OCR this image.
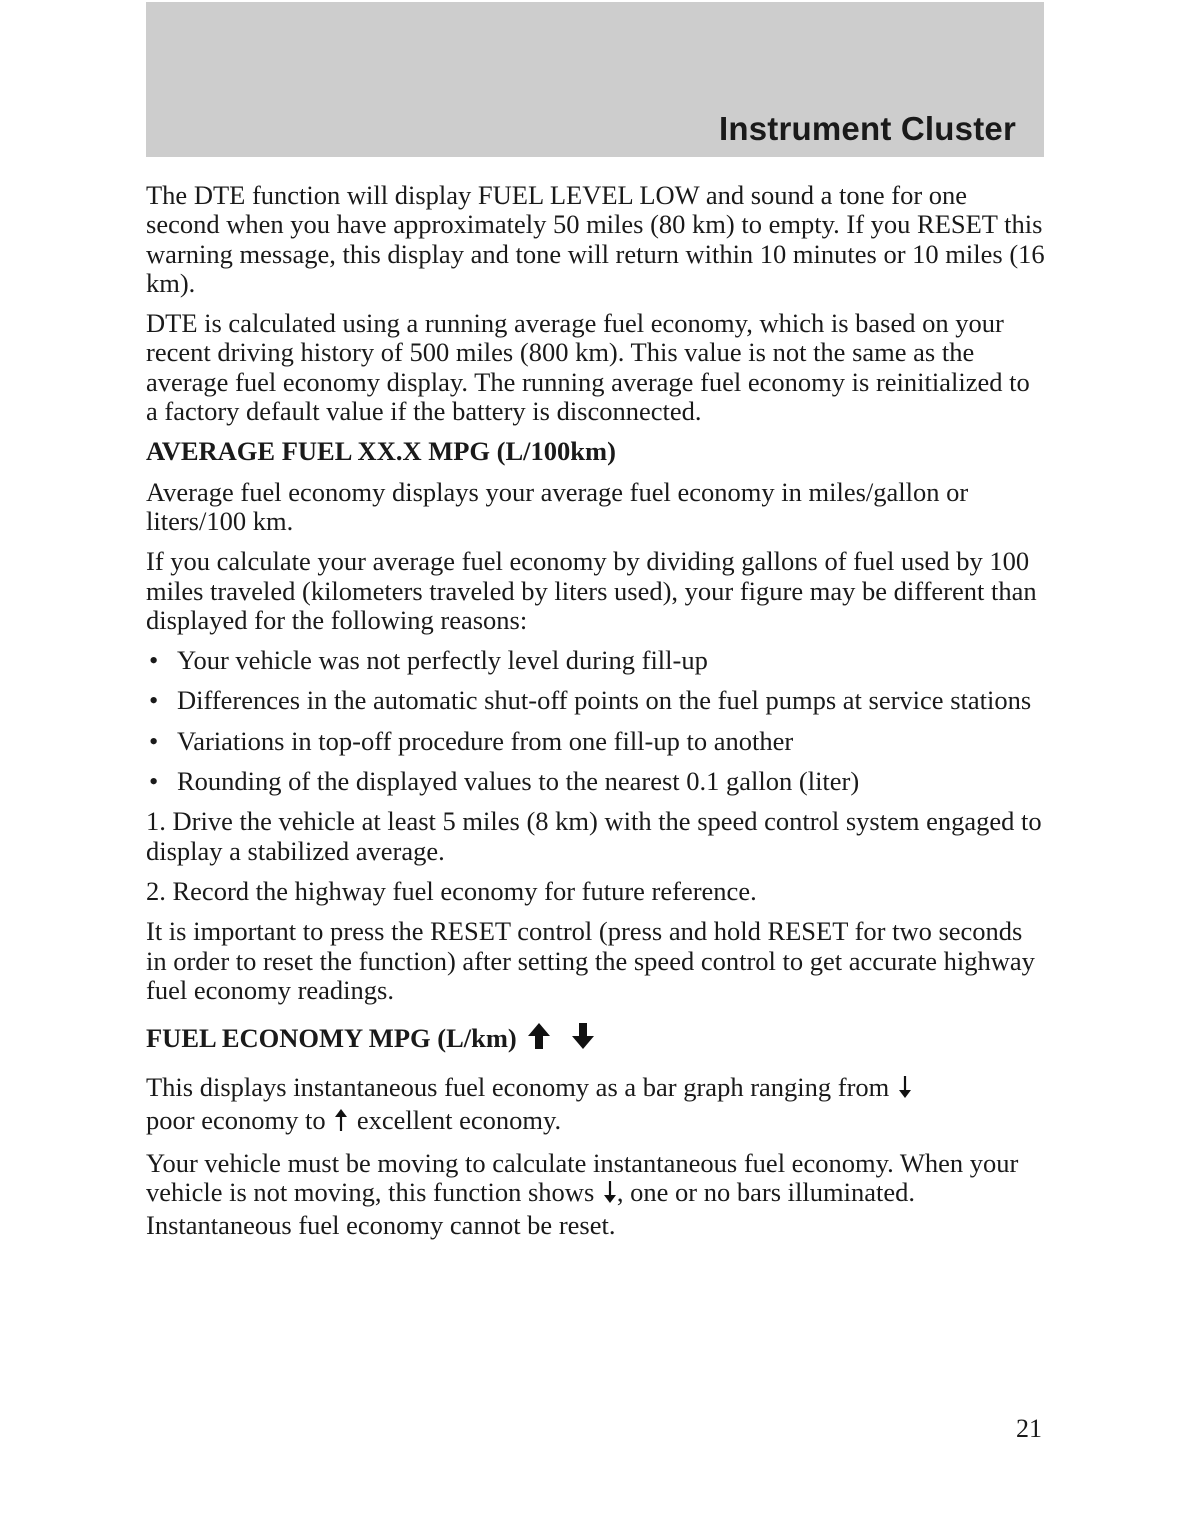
Instrument Cluster

The DTE function will display FUEL LEVEL LOW and sound a tone for one second when you have approximately 50 miles (80 km) to empty. If you RESET this warning message, this display and tone will return within 10 minutes or 10 miles (16 km).

DTE is calculated using a running average fuel economy, which is based on your recent driving history of 500 miles (800 km). This value is not the same as the average fuel economy display. The running average fuel economy is reinitialized to a factory default value if the battery is disconnected.

AVERAGE FUEL XX.X MPG (L/100km)

Average fuel economy displays your average fuel economy in miles/gallon or liters/100 km.

If you calculate your average fuel economy by dividing gallons of fuel used by 100 miles traveled (kilometers traveled by liters used), your figure may be different than displayed for the following reasons:

• Your vehicle was not perfectly level during fill-up
• Differences in the automatic shut-off points on the fuel pumps at service stations
• Variations in top-off procedure from one fill-up to another
• Rounding of the displayed values to the nearest 0.1 gallon (liter)

1. Drive the vehicle at least 5 miles (8 km) with the speed control system engaged to display a stabilized average.

2. Record the highway fuel economy for future reference.

It is important to press the RESET control (press and hold RESET for two seconds in order to reset the function) after setting the speed control to get accurate highway fuel economy readings.

FUEL ECONOMY MPG (L/km)

This displays instantaneous fuel economy as a bar graph ranging from
poor economy to excellent economy.

Your vehicle must be moving to calculate instantaneous fuel economy. When your vehicle is not moving, this function shows , one or no bars illuminated. Instantaneous fuel economy cannot be reset.

21
